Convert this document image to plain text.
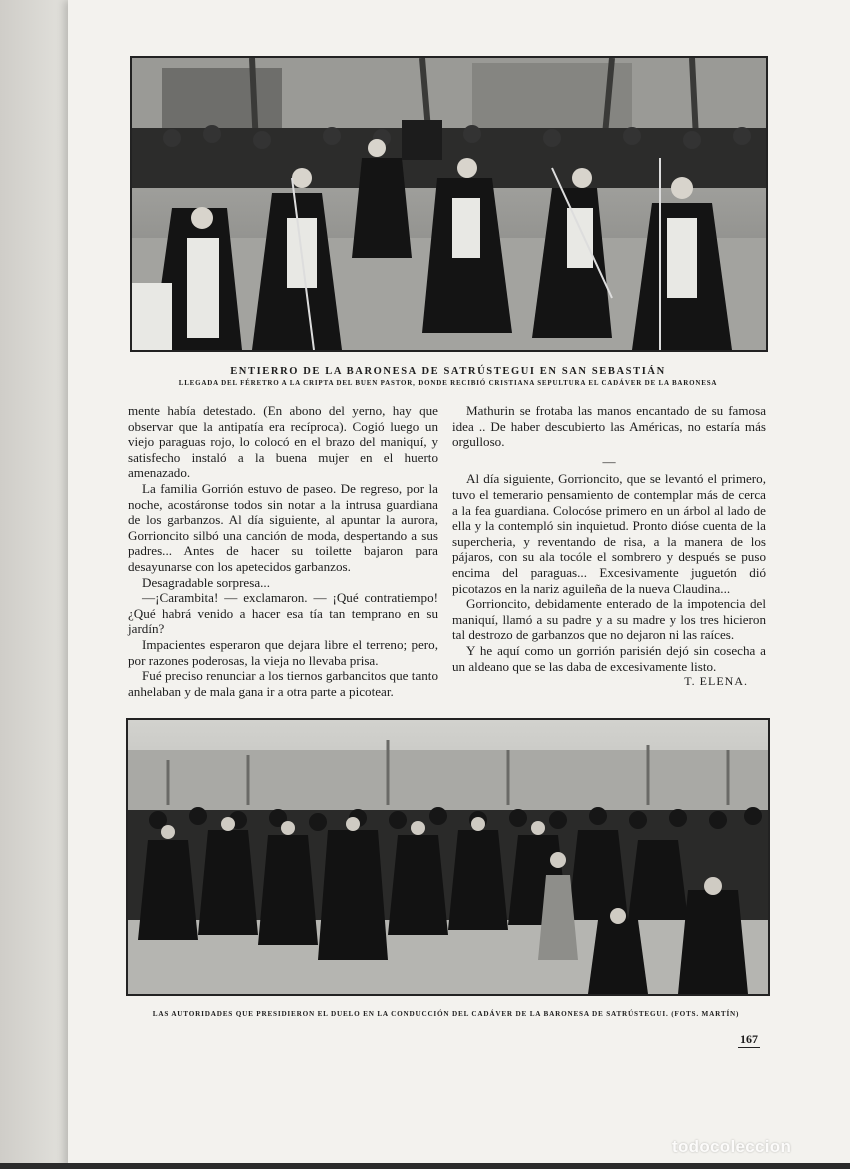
ENTIERRO DE LA BARONESA DE SATRÚSTEGUI EN SAN SEBASTIÁN
LLEGADA DEL FÉRETRO A LA CRIPTA DEL BUEN PASTOR, DONDE RECIBIÓ CRISTIANA SEPULTURA EL CADÁVER DE LA BARONESA

mente había detestado. (En abono del yerno, hay que observar que la antipatía era recíproca). Cogió luego un viejo paraguas rojo, lo colocó en el brazo del maniquí, y satisfecho instaló a la buena mujer en el huerto amenazado.

La familia Gorrión estuvo de paseo. De regreso, por la noche, acostáronse todos sin notar a la intrusa guardiana de los garbanzos. Al día siguiente, al apuntar la aurora, Gorrioncito silbó una canción de moda, despertando a sus padres... Antes de hacer su toilette bajaron para desayunarse con los apetecidos garbanzos.

Desagradable sorpresa...

—¡Carambita! — exclamaron. — ¡Qué contratiempo! ¿Qué habrá venido a hacer esa tía tan temprano en su jardín?

Impacientes esperaron que dejara libre el terreno; pero, por razones poderosas, la vieja no llevaba prisa.

Fué preciso renunciar a los tiernos garbancitos que tanto anhelaban y de mala gana ir a otra parte a picotear.

Mathurin se frotaba las manos encantado de su famosa idea .. De haber descubierto las Américas, no estaría más orgulloso.

—

Al día siguiente, Gorrioncito, que se levantó el primero, tuvo el temerario pensamiento de contemplar más de cerca a la fea guardiana. Colocóse primero en un árbol al lado de ella y la contempló sin inquietud. Pronto dióse cuenta de la supercheria, y reventando de risa, a la manera de los pájaros, con su ala tocóle el sombrero y después se puso encima del paraguas... Excesivamente juguetón dió picotazos en la nariz aguileña de la nueva Claudina...

Gorrioncito, debidamente enterado de la impotencia del maniquí, llamó a su padre y a su madre y los tres hicieron tal destrozo de garbanzos que no dejaron ni las raíces.

Y he aquí como un gorrión parisién dejó sin cosecha a un aldeano que se las daba de excesivamente listo.

T. ELENA.

LAS AUTORIDADES QUE PRESIDIERON EL DUELO EN LA CONDUCCIÓN DEL CADÁVER DE LA BARONESA DE SATRÚSTEGUI. (FOTS. MARTÍN)
167
todocoleccion
